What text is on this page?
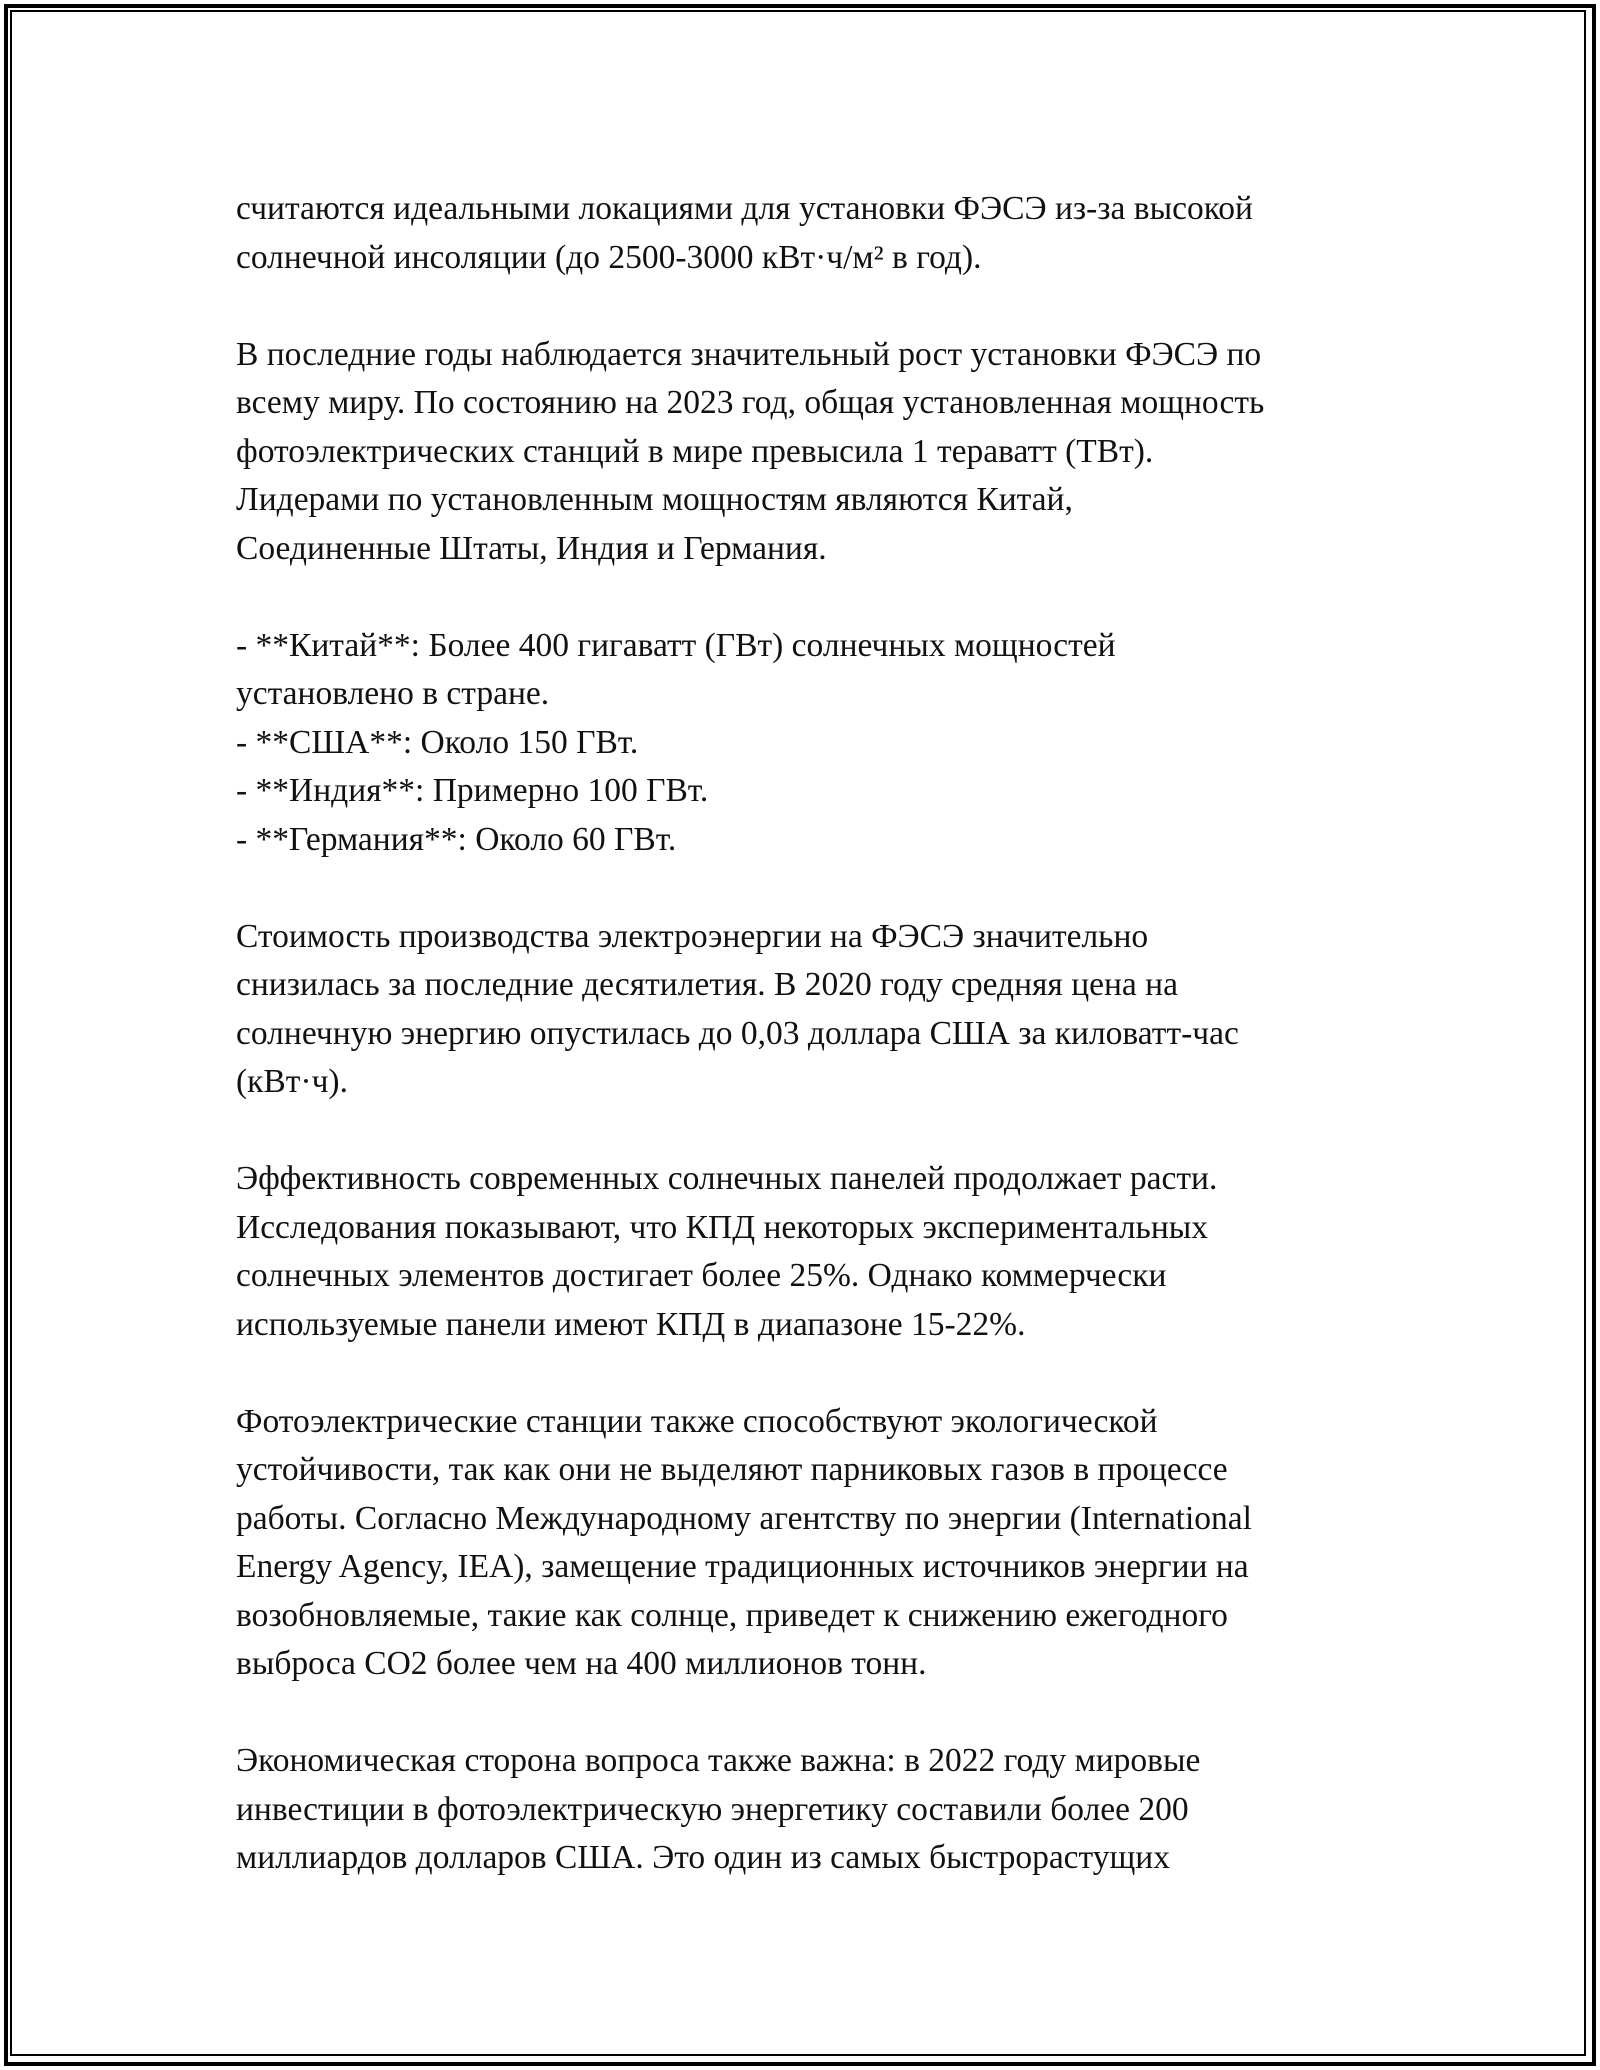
считаются идеальными локациями для установки ФЭСЭ из-за высокой
солнечной инсоляции (до 2500-3000 кВт·ч/м² в год).

В последние годы наблюдается значительный рост установки ФЭСЭ по
всему миру. По состоянию на 2023 год, общая установленная мощность
фотоэлектрических станций в мире превысила 1 тераватт (ТВт).
Лидерами по установленным мощностям являются Китай,
Соединенные Штаты, Индия и Германия.

- **Китай**: Более 400 гигаватт (ГВт) солнечных мощностей
установлено в стране.
- **США**: Около 150 ГВт.
- **Индия**: Примерно 100 ГВт.
- **Германия**: Около 60 ГВт.

Стоимость производства электроэнергии на ФЭСЭ значительно
снизилась за последние десятилетия. В 2020 году средняя цена на
солнечную энергию опустилась до 0,03 доллара США за киловатт-час
(кВт·ч).

Эффективность современных солнечных панелей продолжает расти.
Исследования показывают, что КПД некоторых экспериментальных
солнечных элементов достигает более 25%. Однако коммерчески
используемые панели имеют КПД в диапазоне 15-22%.

Фотоэлектрические станции также способствуют экологической
устойчивости, так как они не выделяют парниковых газов в процессе
работы. Согласно Международному агентству по энергии (International
Energy Agency, IEA), замещение традиционных источников энергии на
возобновляемые, такие как солнце, приведет к снижению ежегодного
выброса CO2 более чем на 400 миллионов тонн.

Экономическая сторона вопроса также важна: в 2022 году мировые
инвестиции в фотоэлектрическую энергетику составили более 200
миллиардов долларов США. Это один из самых быстрорастущих
